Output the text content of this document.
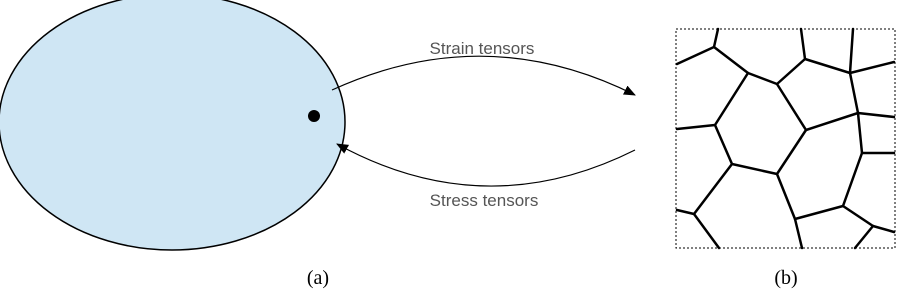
Strain tensors
Stress tensors
(a)	(b)
